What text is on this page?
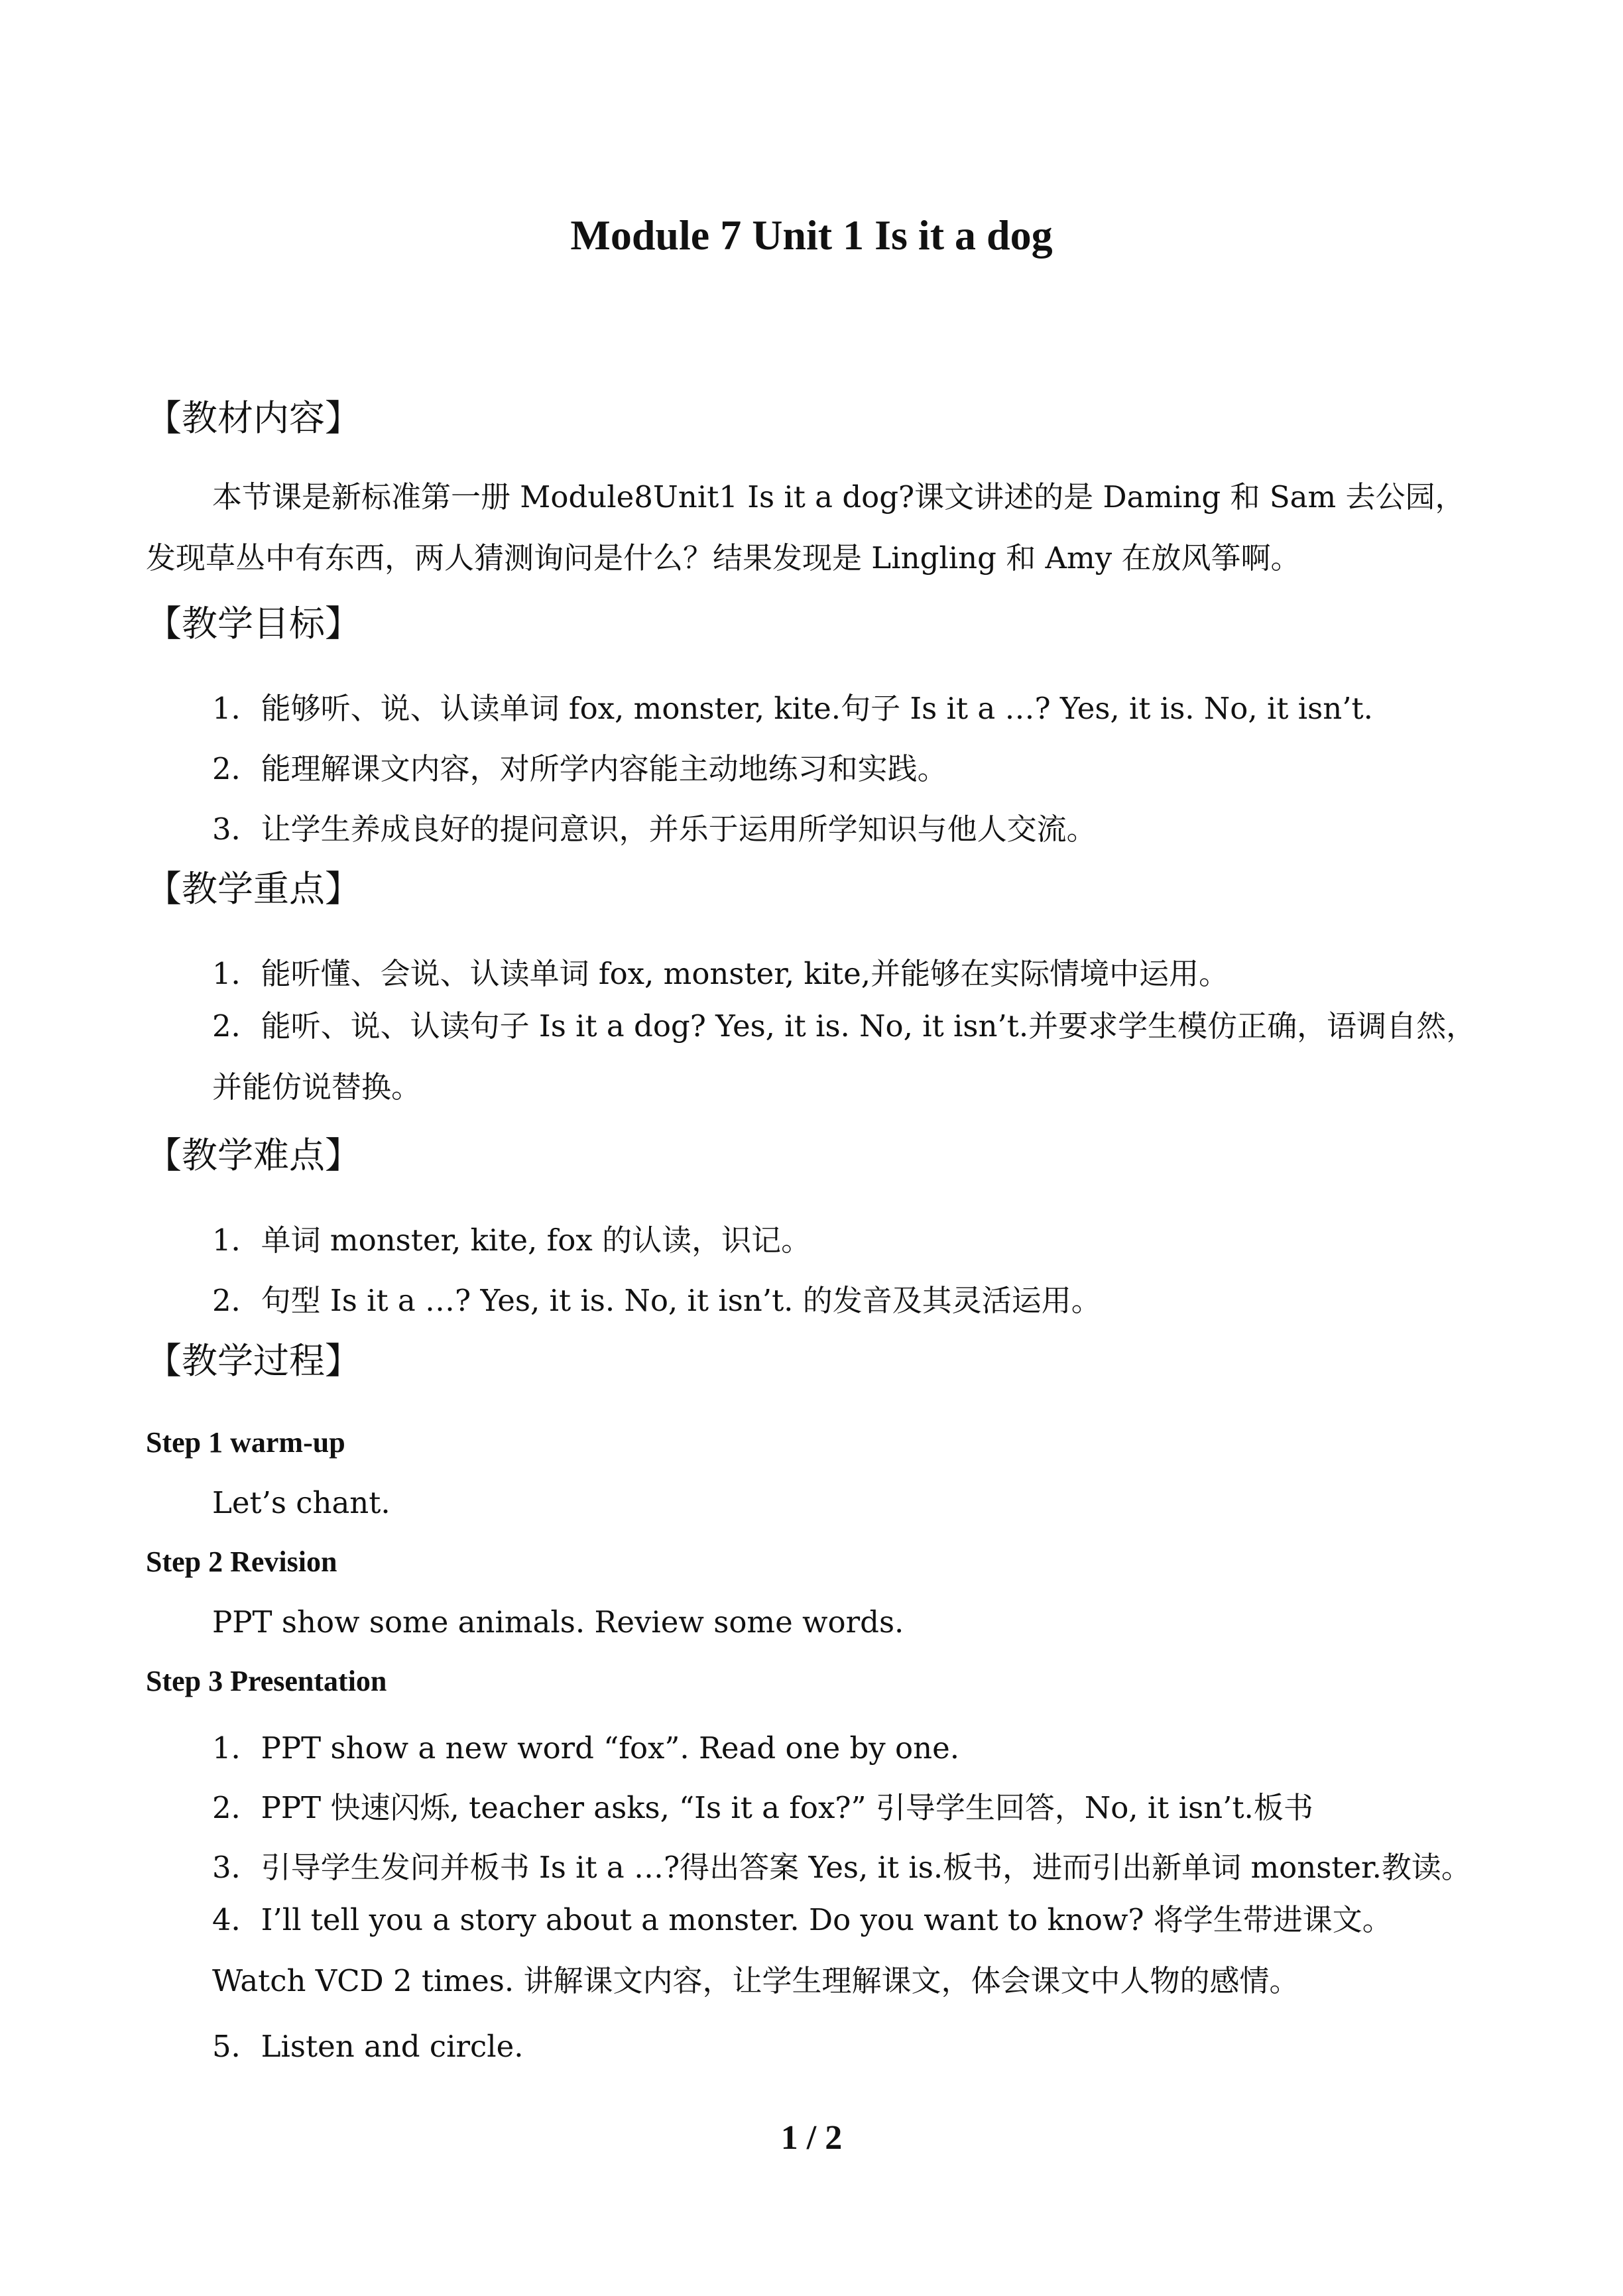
Module 7 Unit 1 Is it a dog
【教材内容】
本节课是新标准第一册 Module8Unit1 Is it a dog?课文讲述的是 Daming 和 Sam 去公园，发现草丛中有东西，两人猜测询问是什么？结果发现是 Lingling 和 Amy 在放风筝啊。
【教学目标】
1．能够听、说、认读单词 fox, monster, kite.句子 Is it a …? Yes, it is. No, it isn’t.
2．能理解课文内容，对所学内容能主动地练习和实践。
3．让学生养成良好的提问意识，并乐于运用所学知识与他人交流。
【教学重点】
1．能听懂、会说、认读单词 fox, monster, kite,并能够在实际情境中运用。
2．能听、说、认读句子 Is it a dog? Yes, it is. No, it isn’t.并要求学生模仿正确，语调自然，并能仿说替换。
【教学难点】
1．单词 monster, kite, fox 的认读，识记。
2．句型 Is it a …? Yes, it is. No, it isn’t. 的发音及其灵活运用。
【教学过程】
Step 1 warm-up
Let’s chant.
Step 2 Revision
PPT show some animals. Review some words.
Step 3 Presentation
1．PPT show a new word “fox”. Read one by one.
2．PPT 快速闪烁, teacher asks, “Is it a fox?” 引导学生回答，No, it isn’t.板书
3．引导学生发问并板书 Is it a …?得出答案 Yes, it is.板书，进而引出新单词 monster.教读。
4．I’ll tell you a story about a monster. Do you want to know? 将学生带进课文。Watch VCD 2 times. 讲解课文内容，让学生理解课文，体会课文中人物的感情。
5．Listen and circle.
1 / 2
